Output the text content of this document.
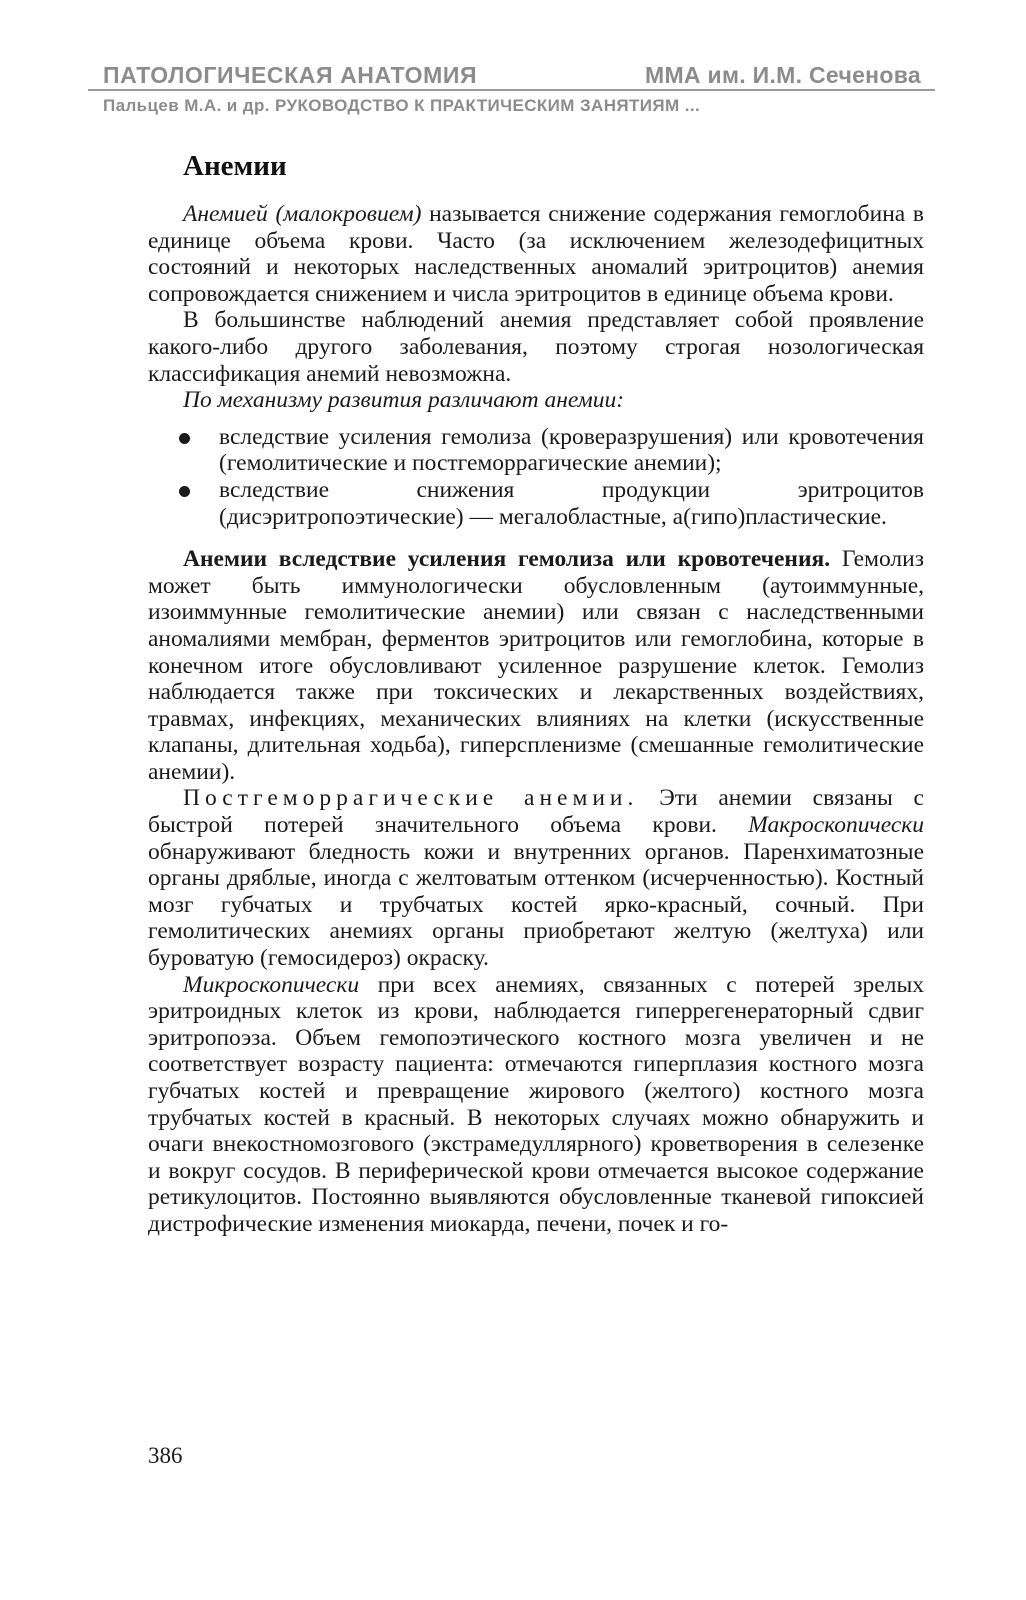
ПАТОЛОГИЧЕСКАЯ АНАТОМИЯ	ММА им. И.М. Сеченова
Пальцев М.А. и др. РУКОВОДСТВО К ПРАКТИЧЕСКИМ ЗАНЯТИЯМ ...
Анемии

Анемией (малокровием) называется снижение содержания гемоглобина в единице объема крови. Часто (за исключением железодефицитных состояний и некоторых наследственных аномалий эритроцитов) анемия сопровождается снижением и числа эритроцитов в единице объема крови.

В большинстве наблюдений анемия представляет собой проявление какого-либо другого заболевания, поэтому строгая нозологическая классификация анемий невозможна.

По механизму развития различают анемии:

вследствие усиления гемолиза (кроверазрушения) или кровотечения (гемолитические и постгеморрагические анемии);
вследствие снижения продукции эритроцитов (дисэритропоэтические) — мегалобластные, а(гипо)пластические.

Анемии вследствие усиления гемолиза или кровотечения. Гемолиз может быть иммунологически обусловленным (аутоиммунные, изоиммунные гемолитические анемии) или связан с наследственными аномалиями мембран, ферментов эритроцитов или гемоглобина, которые в конечном итоге обусловливают усиленное разрушение клеток. Гемолиз наблюдается также при токсических и лекарственных воздействиях, травмах, инфекциях, механических влияниях на клетки (искусственные клапаны, длительная ходьба), гиперспленизме (смешанные гемолитические анемии).

Постгеморрагические анемии. Эти анемии связаны с быстрой потерей значительного объема крови. Макроскопически обнаруживают бледность кожи и внутренних органов. Паренхиматозные органы дряблые, иногда с желтоватым оттенком (исчерченностью). Костный мозг губчатых и трубчатых костей ярко-красный, сочный. При гемолитических анемиях органы приобретают желтую (желтуха) или буроватую (гемосидероз) окраску.

Микроскопически при всех анемиях, связанных с потерей зрелых эритроидных клеток из крови, наблюдается гиперрегенераторный сдвиг эритропоэза. Объем гемопоэтического костного мозга увеличен и не соответствует возрасту пациента: отмечаются гиперплазия костного мозга губчатых костей и превращение жирового (желтого) костного мозга трубчатых костей в красный. В некоторых случаях можно обнаружить и очаги внекостномозгового (экстрамедуллярного) кроветворения в селезенке и вокруг сосудов. В периферической крови отмечается высокое содержание ретикулоцитов. Постоянно выявляются обусловленные тканевой гипоксией дистрофические изменения миокарда, печени, почек и го-

386
